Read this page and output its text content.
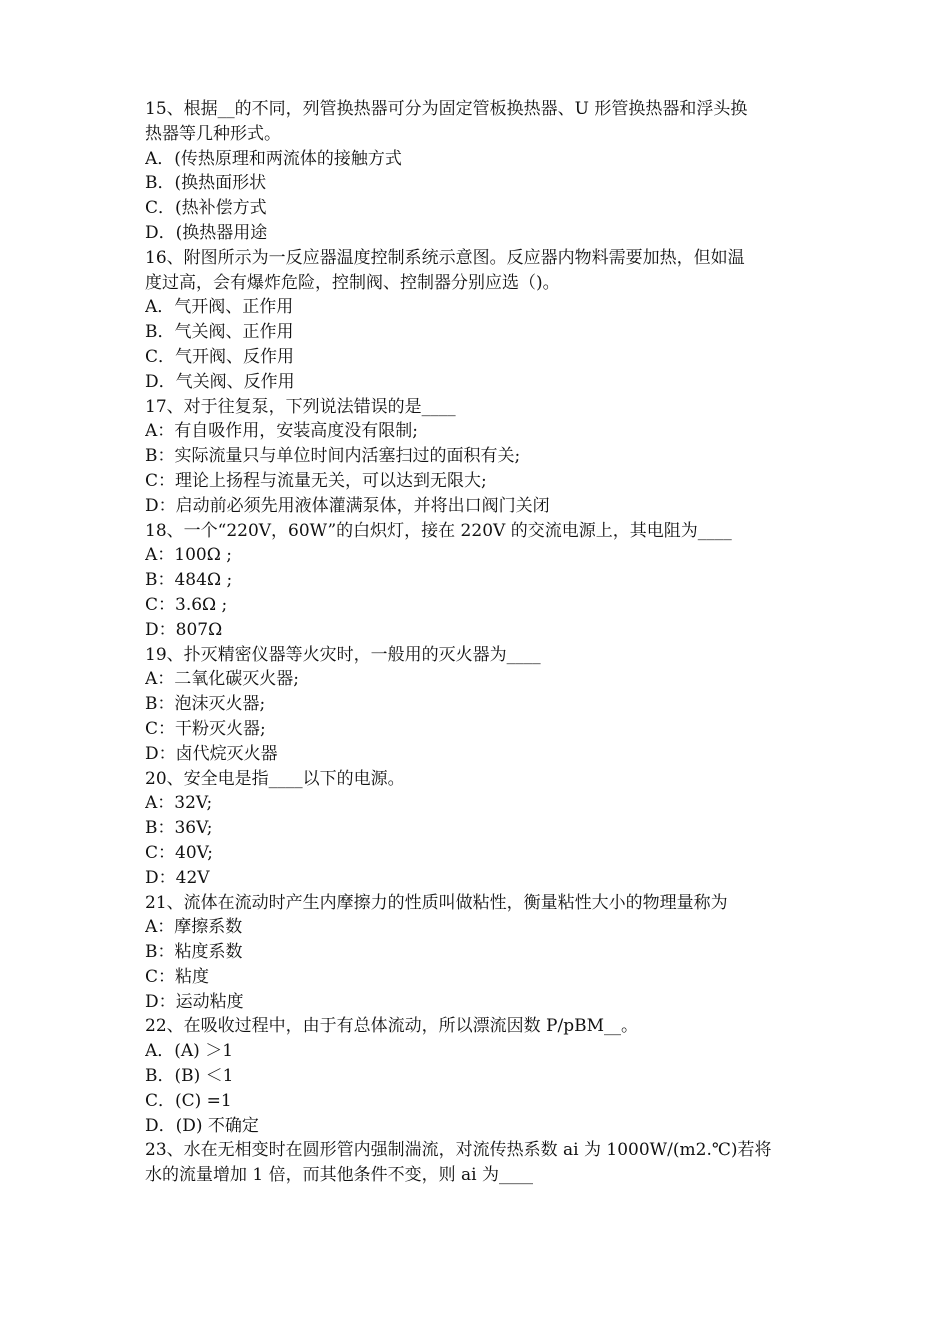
15、根据__的不同，列管换热器可分为固定管板换热器、U 形管换热器和浮头换
热器等几种形式。
A．(传热原理和两流体的接触方式
B．(换热面形状
C．(热补偿方式
D．(换热器用途
16、附图所示为一反应器温度控制系统示意图。反应器内物料需要加热，但如温
度过高，会有爆炸危险，控制阀、控制器分别应选（)。
A．气开阀、正作用
B．气关阀、正作用
C．气开阀、反作用
D．气关阀、反作用
17、对于往复泵，下列说法错误的是____
A：有自吸作用，安装高度没有限制;
B：实际流量只与单位时间内活塞扫过的面积有关;
C：理论上扬程与流量无关，可以达到无限大;
D：启动前必须先用液体灌满泵体，并将出口阀门关闭
18、一个“220V，60W”的白炽灯，接在 220V 的交流电源上，其电阻为____
A：100Ω ;
B：484Ω ;
C：3.6Ω ;
D：807Ω
19、扑灭精密仪器等火灾时，一般用的灭火器为____
A：二氧化碳灭火器;
B：泡沫灭火器;
C：干粉灭火器;
D：卤代烷灭火器
20、安全电是指____以下的电源。
A：32V;
B：36V;
C：40V;
D：42V
21、流体在流动时产生内摩擦力的性质叫做粘性，衡量粘性大小的物理量称为
A：摩擦系数
B：粘度系数
C：粘度
D：运动粘度
22、在吸收过程中，由于有总体流动，所以漂流因数 P/pBM__。
A．(A) ＞1
B．(B) ＜1
C．(C) =1
D．(D) 不确定
23、水在无相变时在圆形管内强制湍流，对流传热系数 ai 为 1000W/(m2.℃)若将
水的流量增加 1 倍，而其他条件不变，则 ai 为____
